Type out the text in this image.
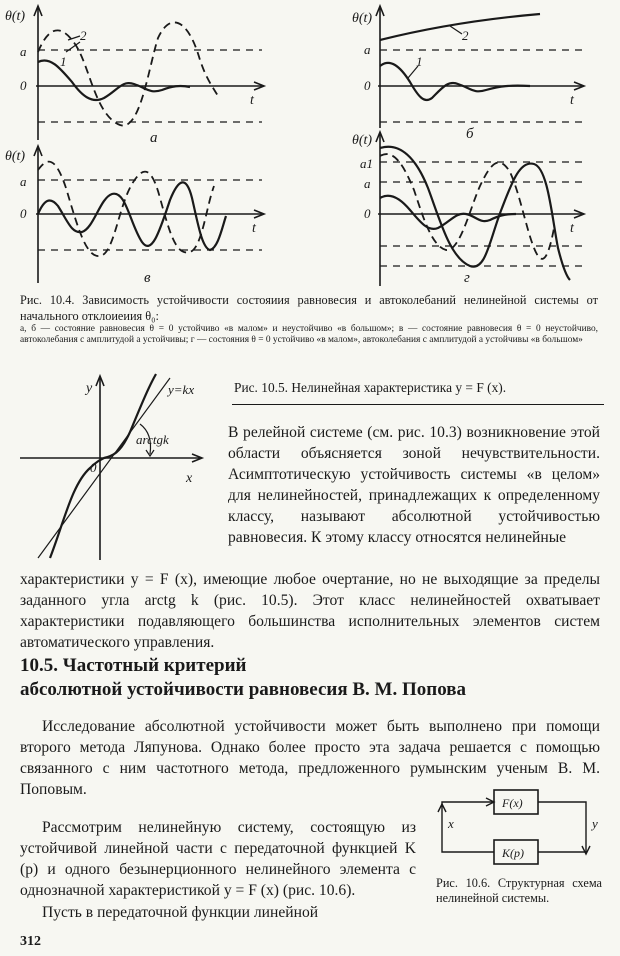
θ(t)
t
0
a
1
2
а
θ(t)
t
0
a
2
1
б
θ(t)
t
0
a
в
θ(t)
t
0
a1
a
г
Рис. 10.4. Зависимость устойчивости состояиия равновесия и автоколебаний нелинейной системы от начального отклоиеиия θ₀:
а, б — состояние равновесия θ = 0 устойчиво «в малом» и неустойчиво «в большом»; в — состояние равновесия θ = 0 неустойчиво, автоколебания с амплитудой a устойчивы; г — состояния θ = 0 устойчиво «в малом», автоколебания с амплитудой a устойчивы «в большом»
y
x
0
y=kx
arctgk
Рис. 10.5. Нелинейная характеристика y = F (x).
В релейной системе (см. рис. 10.3) возникновение этой области объясняется зоной нечувствительности. Асимптотическую устойчивость системы «в целом» для нелинейностей, принадлежащих к определенному классу, называют абсолютной устойчивостью равновесия. К этому классу относятся нелинейные
характеристики y = F (x), имеющие любое очертание, но не выходящие за пределы заданного угла arctg k (рис. 10.5). Этот класс нелинейностей охватывает характеристики подавляющего большинства исполнительных элементов систем автоматического управления.
10.5. Частотный критерий
абсолютной устойчивости равновесия В. М. Попова
Исследование абсолютной устойчивости может быть выполнено при помощи второго метода Ляпунова. Однако более просто эта задача решается с помощью связанного с ним частотного метода, предложенного румынским ученым В. М. Поповым.
Рассмотрим нелинейную систему, состоящую из устойчивой линейной части с передаточной функцией K (p) и одного безынерционного нелинейного элемента с однозначной характеристикой y = F (x) (рис. 10.6).
Пусть в передаточной функции линейной
F(x)
K(p)
x	y
Рис. 10.6. Структурная схема нелинейной системы.
312
